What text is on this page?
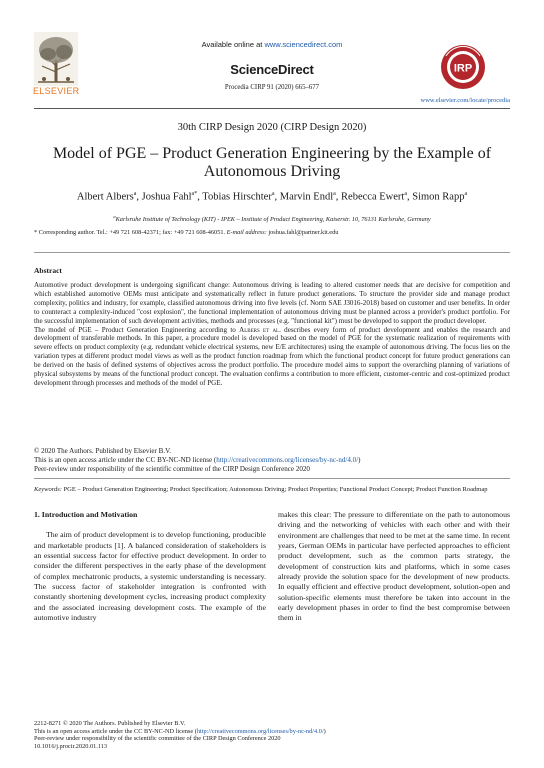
ELSEVIER
Available online at www.sciencedirect.com
ScienceDirect
Procedia CIRP 91 (2020) 665–677
IRP
www.elsevier.com/locate/procedia
30th CIRP Design 2020 (CIRP Design 2020)
Model of PGE – Product Generation Engineering by the Example of Autonomous Driving
Albert Albers$^a$, Joshua Fahl$^{a*}$, Tobias Hirschter$^a$, Marvin Endl$^a$, Rebecca Ewert$^a$, Simon Rapp$^a$
$^a$Karlsruhe Institute of Technology (KIT) - IPEK – Institute of Product Engineering, Kaiserstr. 10, 76131 Karlsruhe, Germany
* Corresponding author. Tel.: +49 721 608-42371; fax: +49 721 608-46051. E-mail address: joshua.fahl@partner.kit.edu
Abstract

Automotive product development is undergoing significant change: Autonomous driving is leading to altered customer needs that are decisive for competition and which established automotive OEMs must anticipate and systematically reflect in future product generations. To structure the provider side and manage product complexity, politics and industry, for example, classified autonomous driving into five levels (cf. Norm SAE J3016-2018) based on customer and user benefits. In order to counteract a complexity-induced "cost explosion", the functional implementation of autonomous driving must be planned across a provider's product portfolio. For the successful implementation of such development activities, methods and processes (e.g. "functional kit") must be developed to support the product developer.

The model of PGE – Product Generation Engineering according to Albers et al. describes every form of product development and enables the research and development of transferable methods. In this paper, a procedure model is developed based on the model of PGE for the systematic realization of requirements with severe effects on product complexity (e.g. redundant vehicle electrical systems, new E/E architectures) using the example of autonomous driving. The focus lies on the variation types at different product model views as well as the product function roadmap from which the functional product concept for future product generations can be derived on the basis of defined systems of objectives across the product portfolio. The procedure model aims to support the overarching planning of variations of physical subsystems by means of the functional product concept. The evaluation confirms a contribution to more efficient, customer-centric and cost-optimized product development through processes and methods of the model of PGE.

© 2020 The Authors. Published by Elsevier B.V.
This is an open access article under the CC BY-NC-ND license (http://creativecommons.org/licenses/by-nc-nd/4.0/)
Peer-review under responsibility of the scientific committee of the CIRP Design Conference 2020
Keywords: PGE – Product Generation Engineering; Product Specification; Autonomous Driving; Product Properties; Functional Product Concept; Product Function Roadmap
1. Introduction and Motivation
The aim of product development is to develop functioning, producible and marketable products [1]. A balanced consideration of stakeholders is an essential success factor for effective product development. In order to consider the different perspectives in the early phase of the development of complex mechatronic products, a systemic understanding is necessary. The success factor of stakeholder integration is confronted with constantly shortening development cycles, increasing product complexity and the associated increasing development costs. The example of the automotive industry
makes this clear: The pressure to differentiate on the path to autonomous driving and the networking of vehicles with each other and with their environment are challenges that need to be met at the same time. In recent years, German OEMs in particular have perfected approaches to efficient product development, such as the common parts strategy, the development of construction kits and platforms, which in some cases already provide the solution space for the development of new products. In equally efficient and effective product development, solution-open and solution-specific elements must therefore be taken into account in the early development phases in order to find the best compromise between them in
2212-8271 © 2020 The Authors. Published by Elsevier B.V.
This is an open access article under the CC BY-NC-ND license (http://creativecommons.org/licenses/by-nc-nd/4.0/)
Peer-review under responsibility of the scientific committee of the CIRP Design Conference 2020
10.1016/j.procir.2020.01.113
